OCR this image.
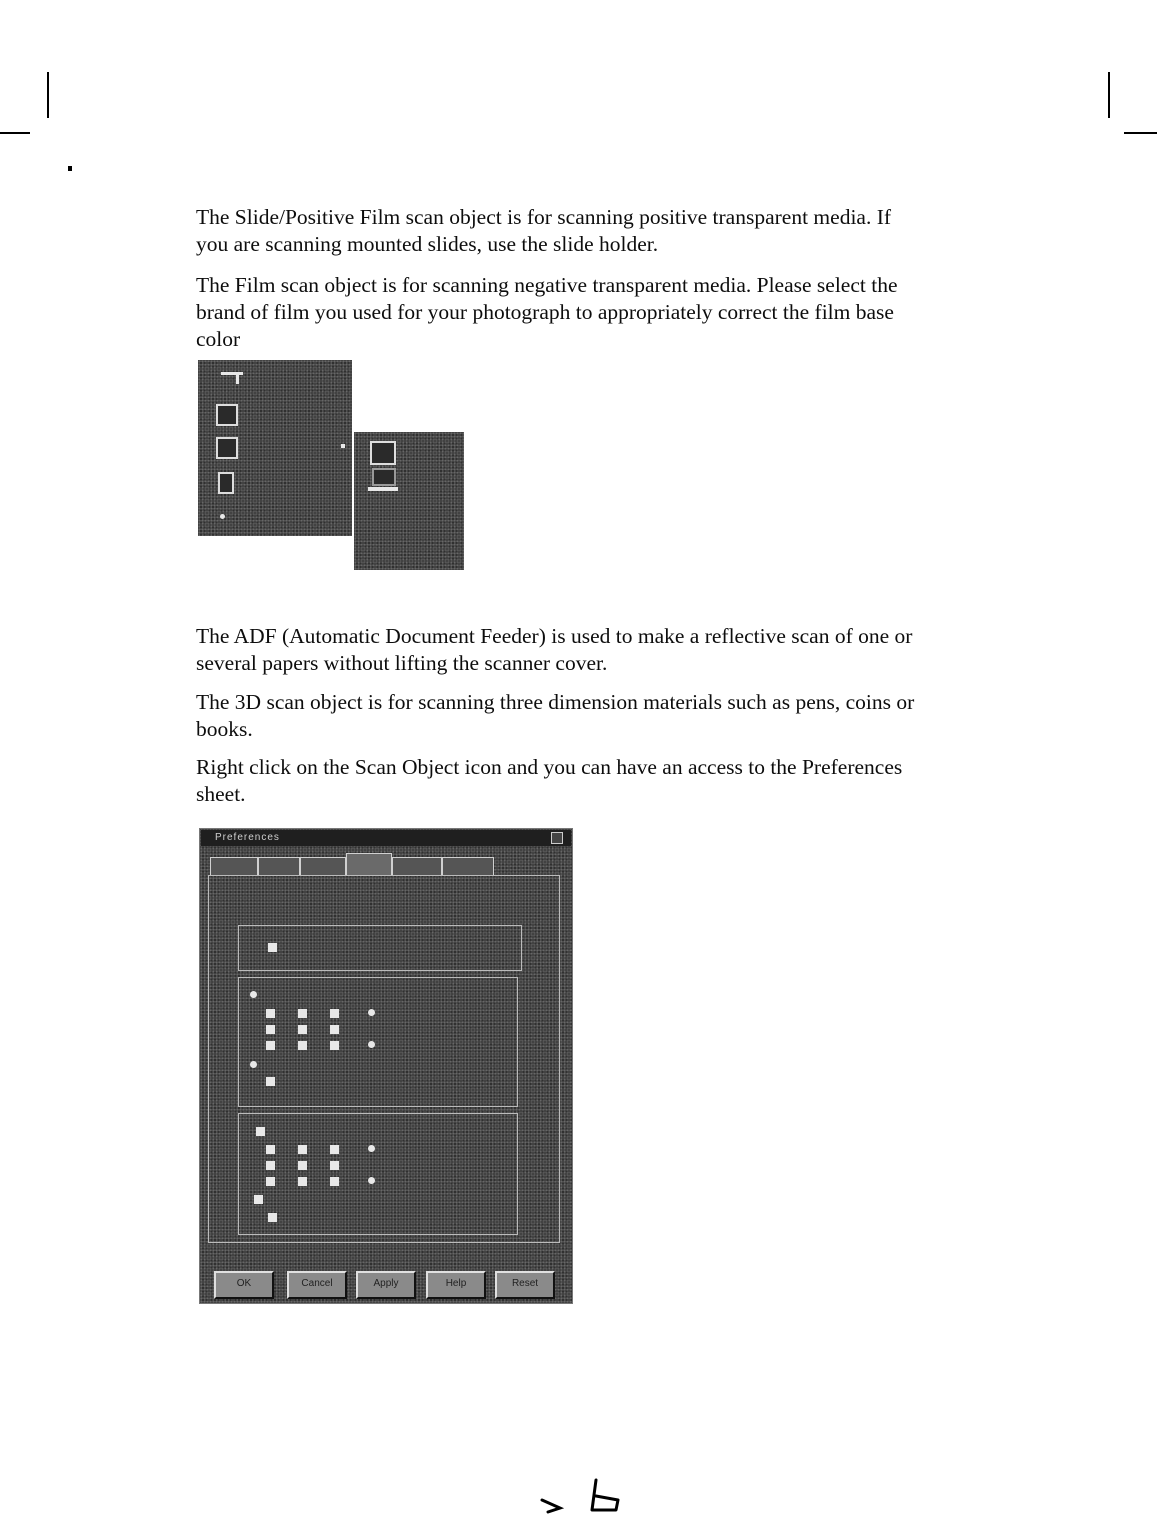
The Slide/Positive Film scan object is for scanning positive transparent media. If
you are scanning mounted slides, use the slide holder.

The Film scan object is for scanning negative transparent media. Please select the
brand of film you used for your photograph to appropriately correct the film base
color

The ADF (Automatic Document Feeder) is used to make a reflective scan of one or
several papers without lifting the scanner cover.

The 3D scan object is for scanning three dimension materials such as pens, coins or
books.

Right click on the Scan Object icon and you can have an access to the Preferences
sheet.

Preferences
OK	Cancel	Apply	Help	Reset
